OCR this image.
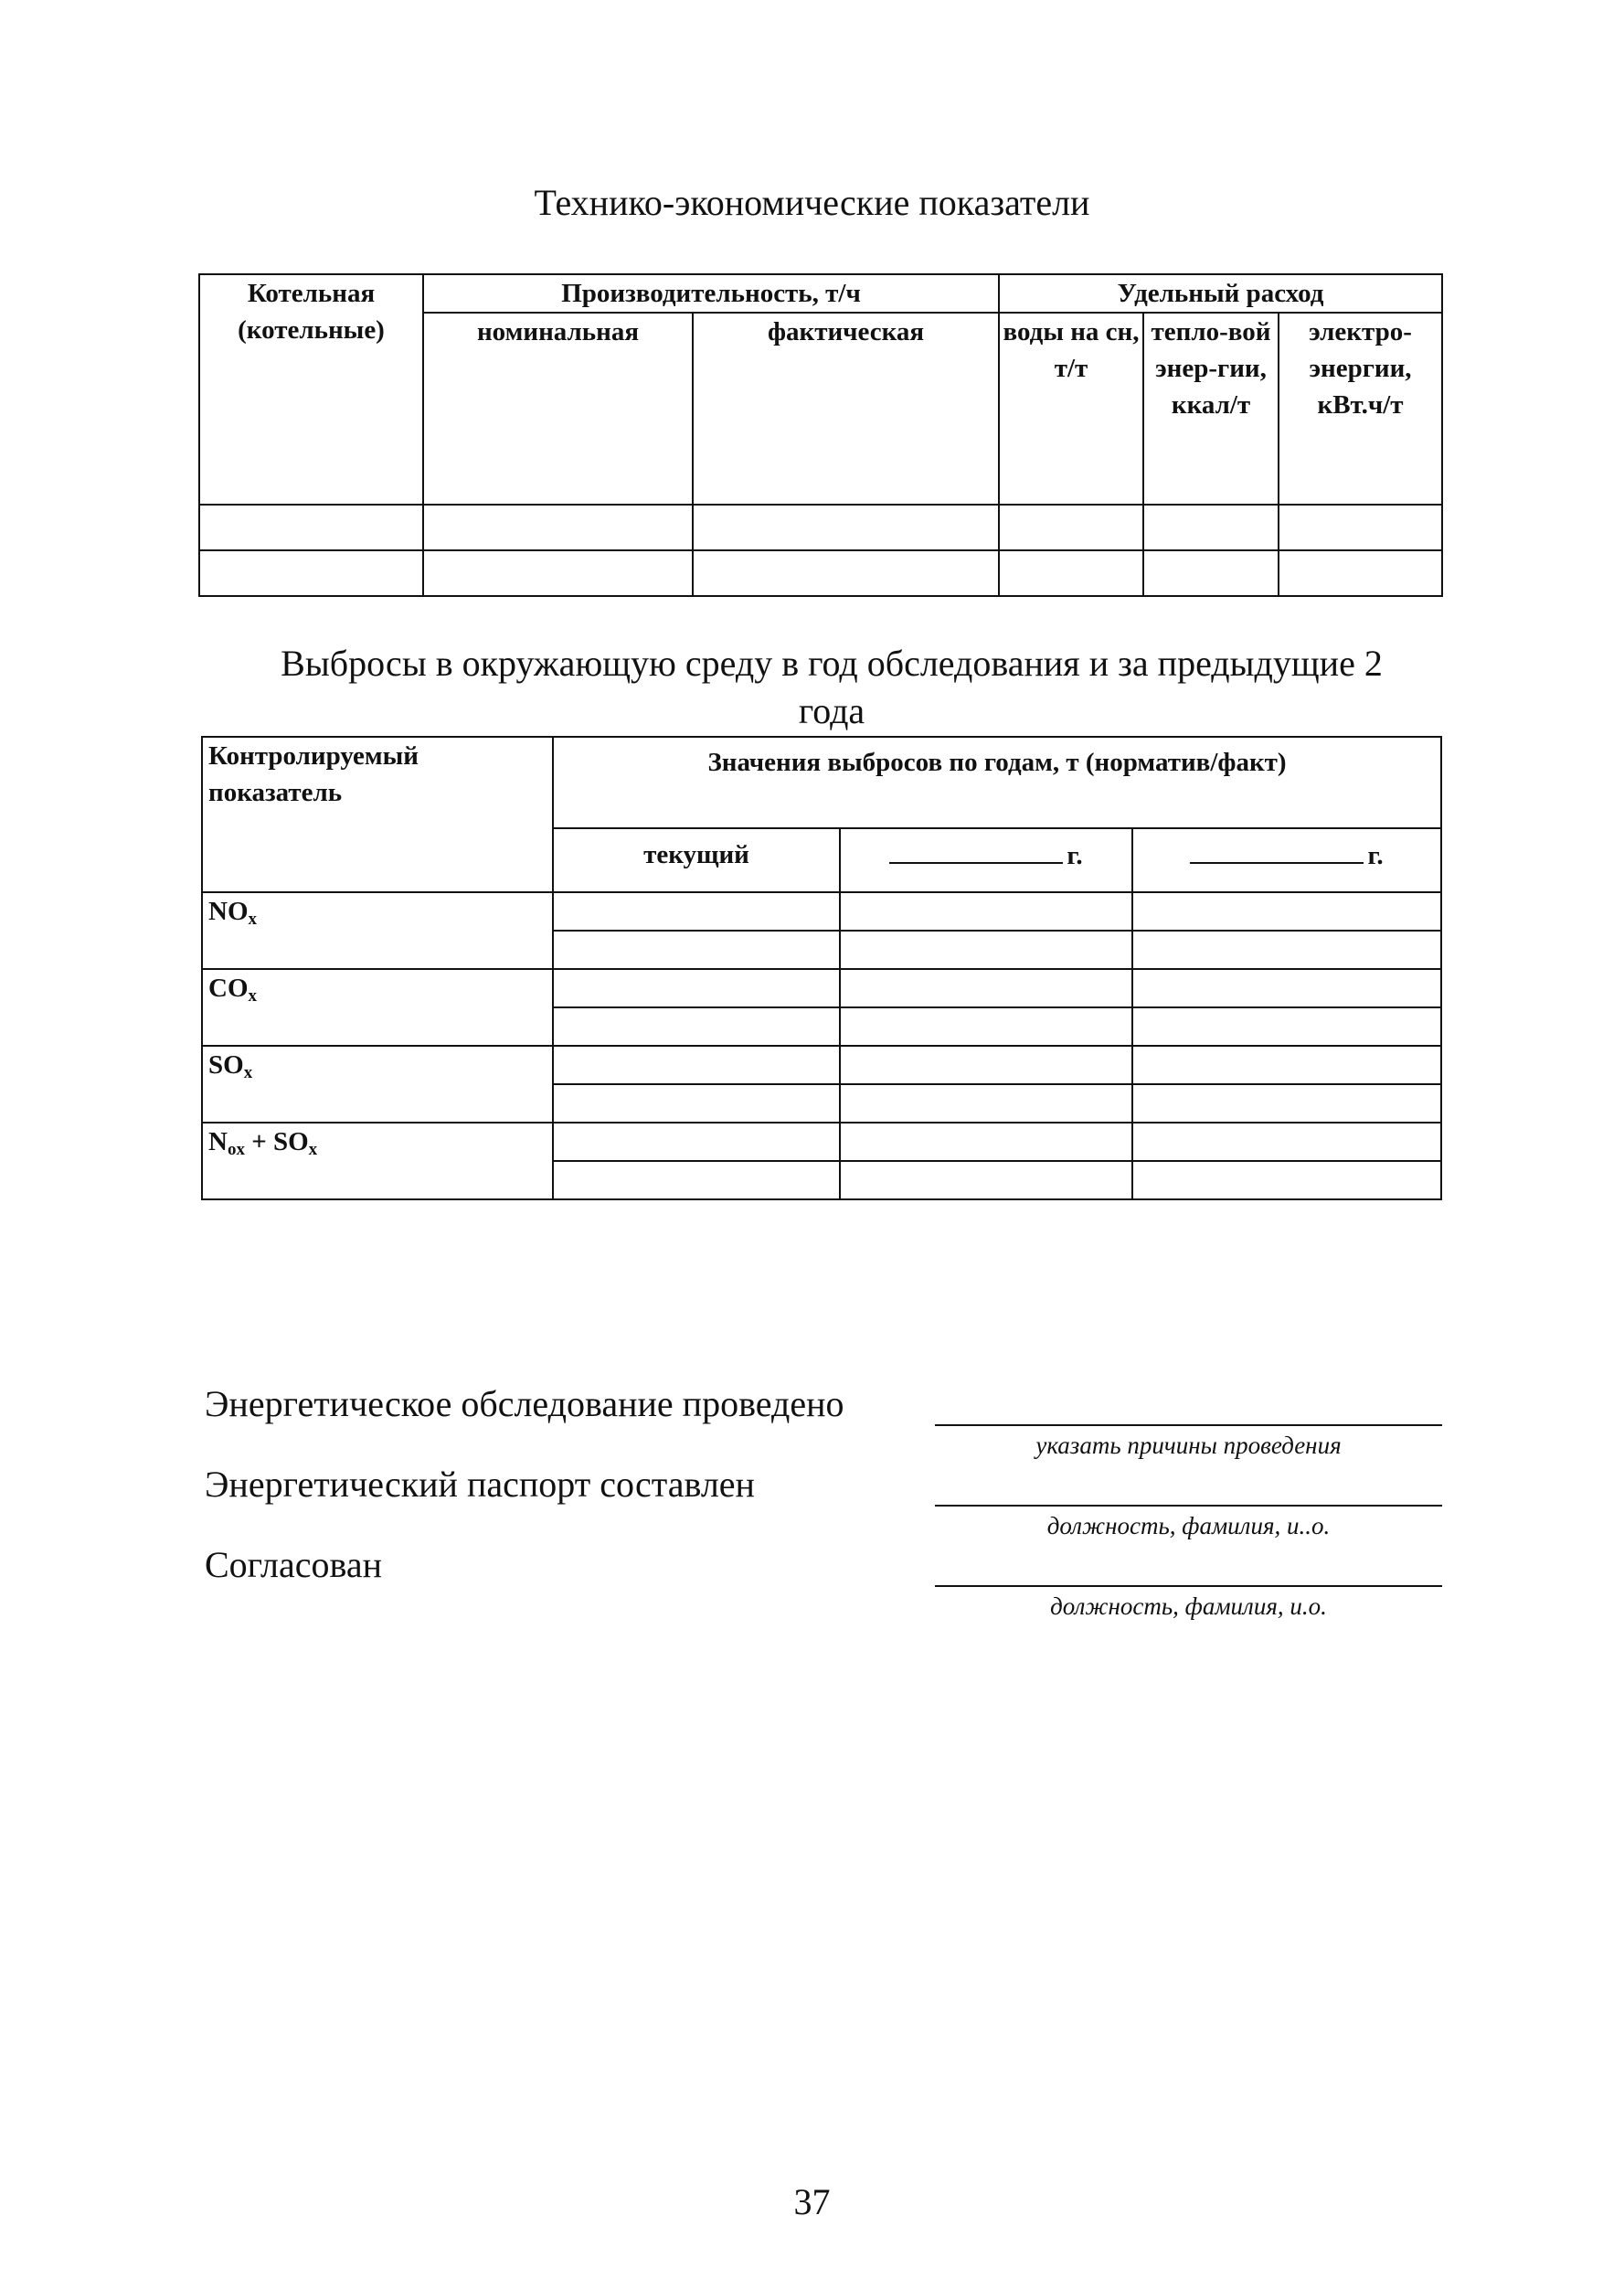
Технико-экономические показатели
Котельная (котельные)	Производительность, т/ч		Удельный расход		
	номинальная	фактическая	воды на сн, т/т	тепло-вой энер-гии, ккал/т	электро-энергии, кВт.ч/т

Выбросы в окружающую среду в год обследования и за предыдущие 2 года
Контролируемый показатель	Значения выбросов по годам, т (норматив/факт)		
	текущий	г.	г.
$NO_x$			

$CO_x$			

$SO_x$			

$N_{ox} + SO_x$			

Энергетическое обследование проведено
указать причины проведения
Энергетический паспорт составлен
должность, фамилия, и..о.
Согласован
должность, фамилия, и.о.
37
